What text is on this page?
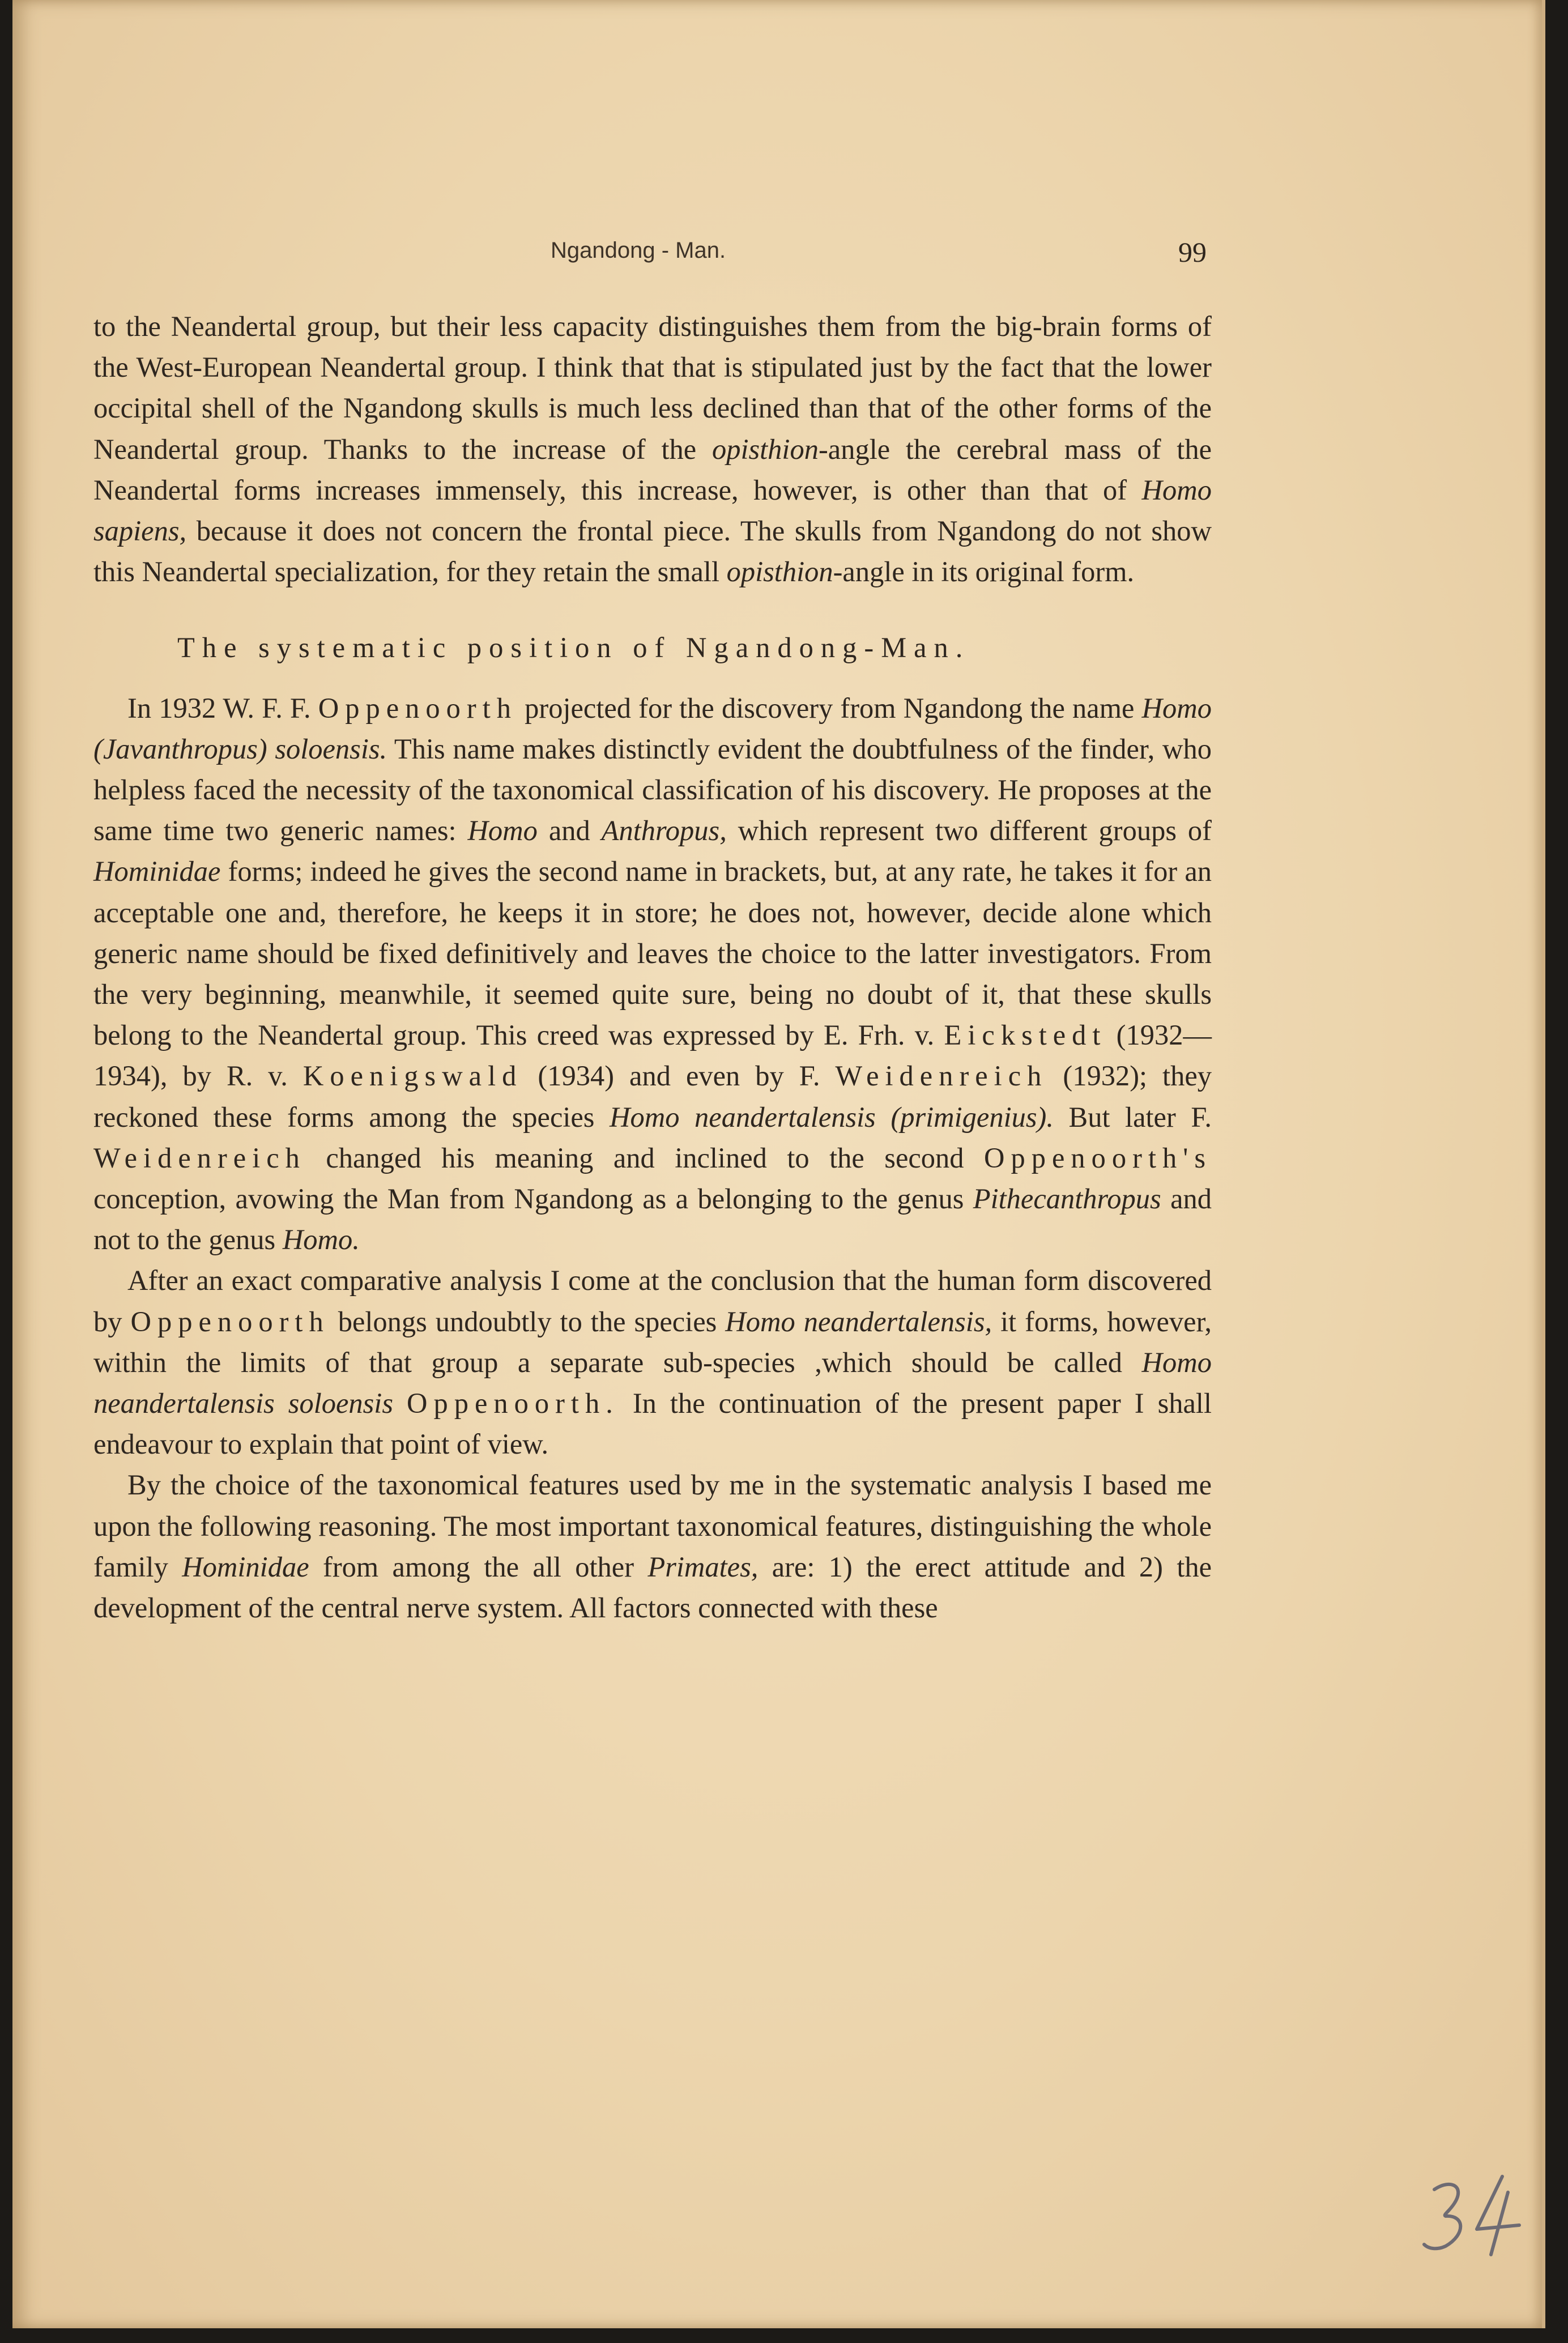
Ngandong - Man.	99

to the Neandertal group, but their less capacity distinguishes them from the big-brain forms of the West-European Neandertal group. I think that that is stipulated just by the fact that the lower occipital shell of the Ngandong skulls is much less declined than that of the other forms of the Neandertal group. Thanks to the increase of the opisthion-angle the cerebral mass of the Neandertal forms increases immensely, this increase, however, is other than that of Homo sapiens, because it does not concern the frontal piece. The skulls from Ngandong do not show this Neandertal specialization, for they retain the small opisthion-angle in its original form.

The systematic position of Ngandong-Man.

In 1932 W. F. F. Oppenoorth projected for the discovery from Ngandong the name Homo (Javanthropus) soloensis. This name makes distinctly evident the doubtfulness of the finder, who helpless faced the necessity of the taxonomical classification of his discovery. He proposes at the same time two generic names: Homo and Anthropus, which represent two different groups of Hominidae forms; indeed he gives the second name in brackets, but, at any rate, he takes it for an acceptable one and, therefore, he keeps it in store; he does not, however, decide alone which generic name should be fixed definitively and leaves the choice to the latter investigators. From the very beginning, meanwhile, it seemed quite sure, being no doubt of it, that these skulls belong to the Neandertal group. This creed was expressed by E. Frh. v. Eickstedt (1932—1934), by R. v. Koenigswald (1934) and even by F. Weidenreich (1932); they reckoned these forms among the species Homo neandertalensis (primigenius). But later F. Weidenreich changed his meaning and inclined to the second Oppenoorth's conception, avowing the Man from Ngandong as a belonging to the genus Pithecanthropus and not to the genus Homo.

After an exact comparative analysis I come at the conclusion that the human form discovered by Oppenoorth belongs undoubtly to the species Homo neandertalensis, it forms, however, within the limits of that group a separate sub-species ,which should be called Homo neandertalensis soloensis Oppenoorth. In the continuation of the present paper I shall endeavour to explain that point of view.

By the choice of the taxonomical features used by me in the systematic analysis I based me upon the following reasoning. The most important taxonomical features, distinguishing the whole family Hominidae from among the all other Primates, are: 1) the erect attitude and 2) the development of the central nerve system. All factors connected with these
